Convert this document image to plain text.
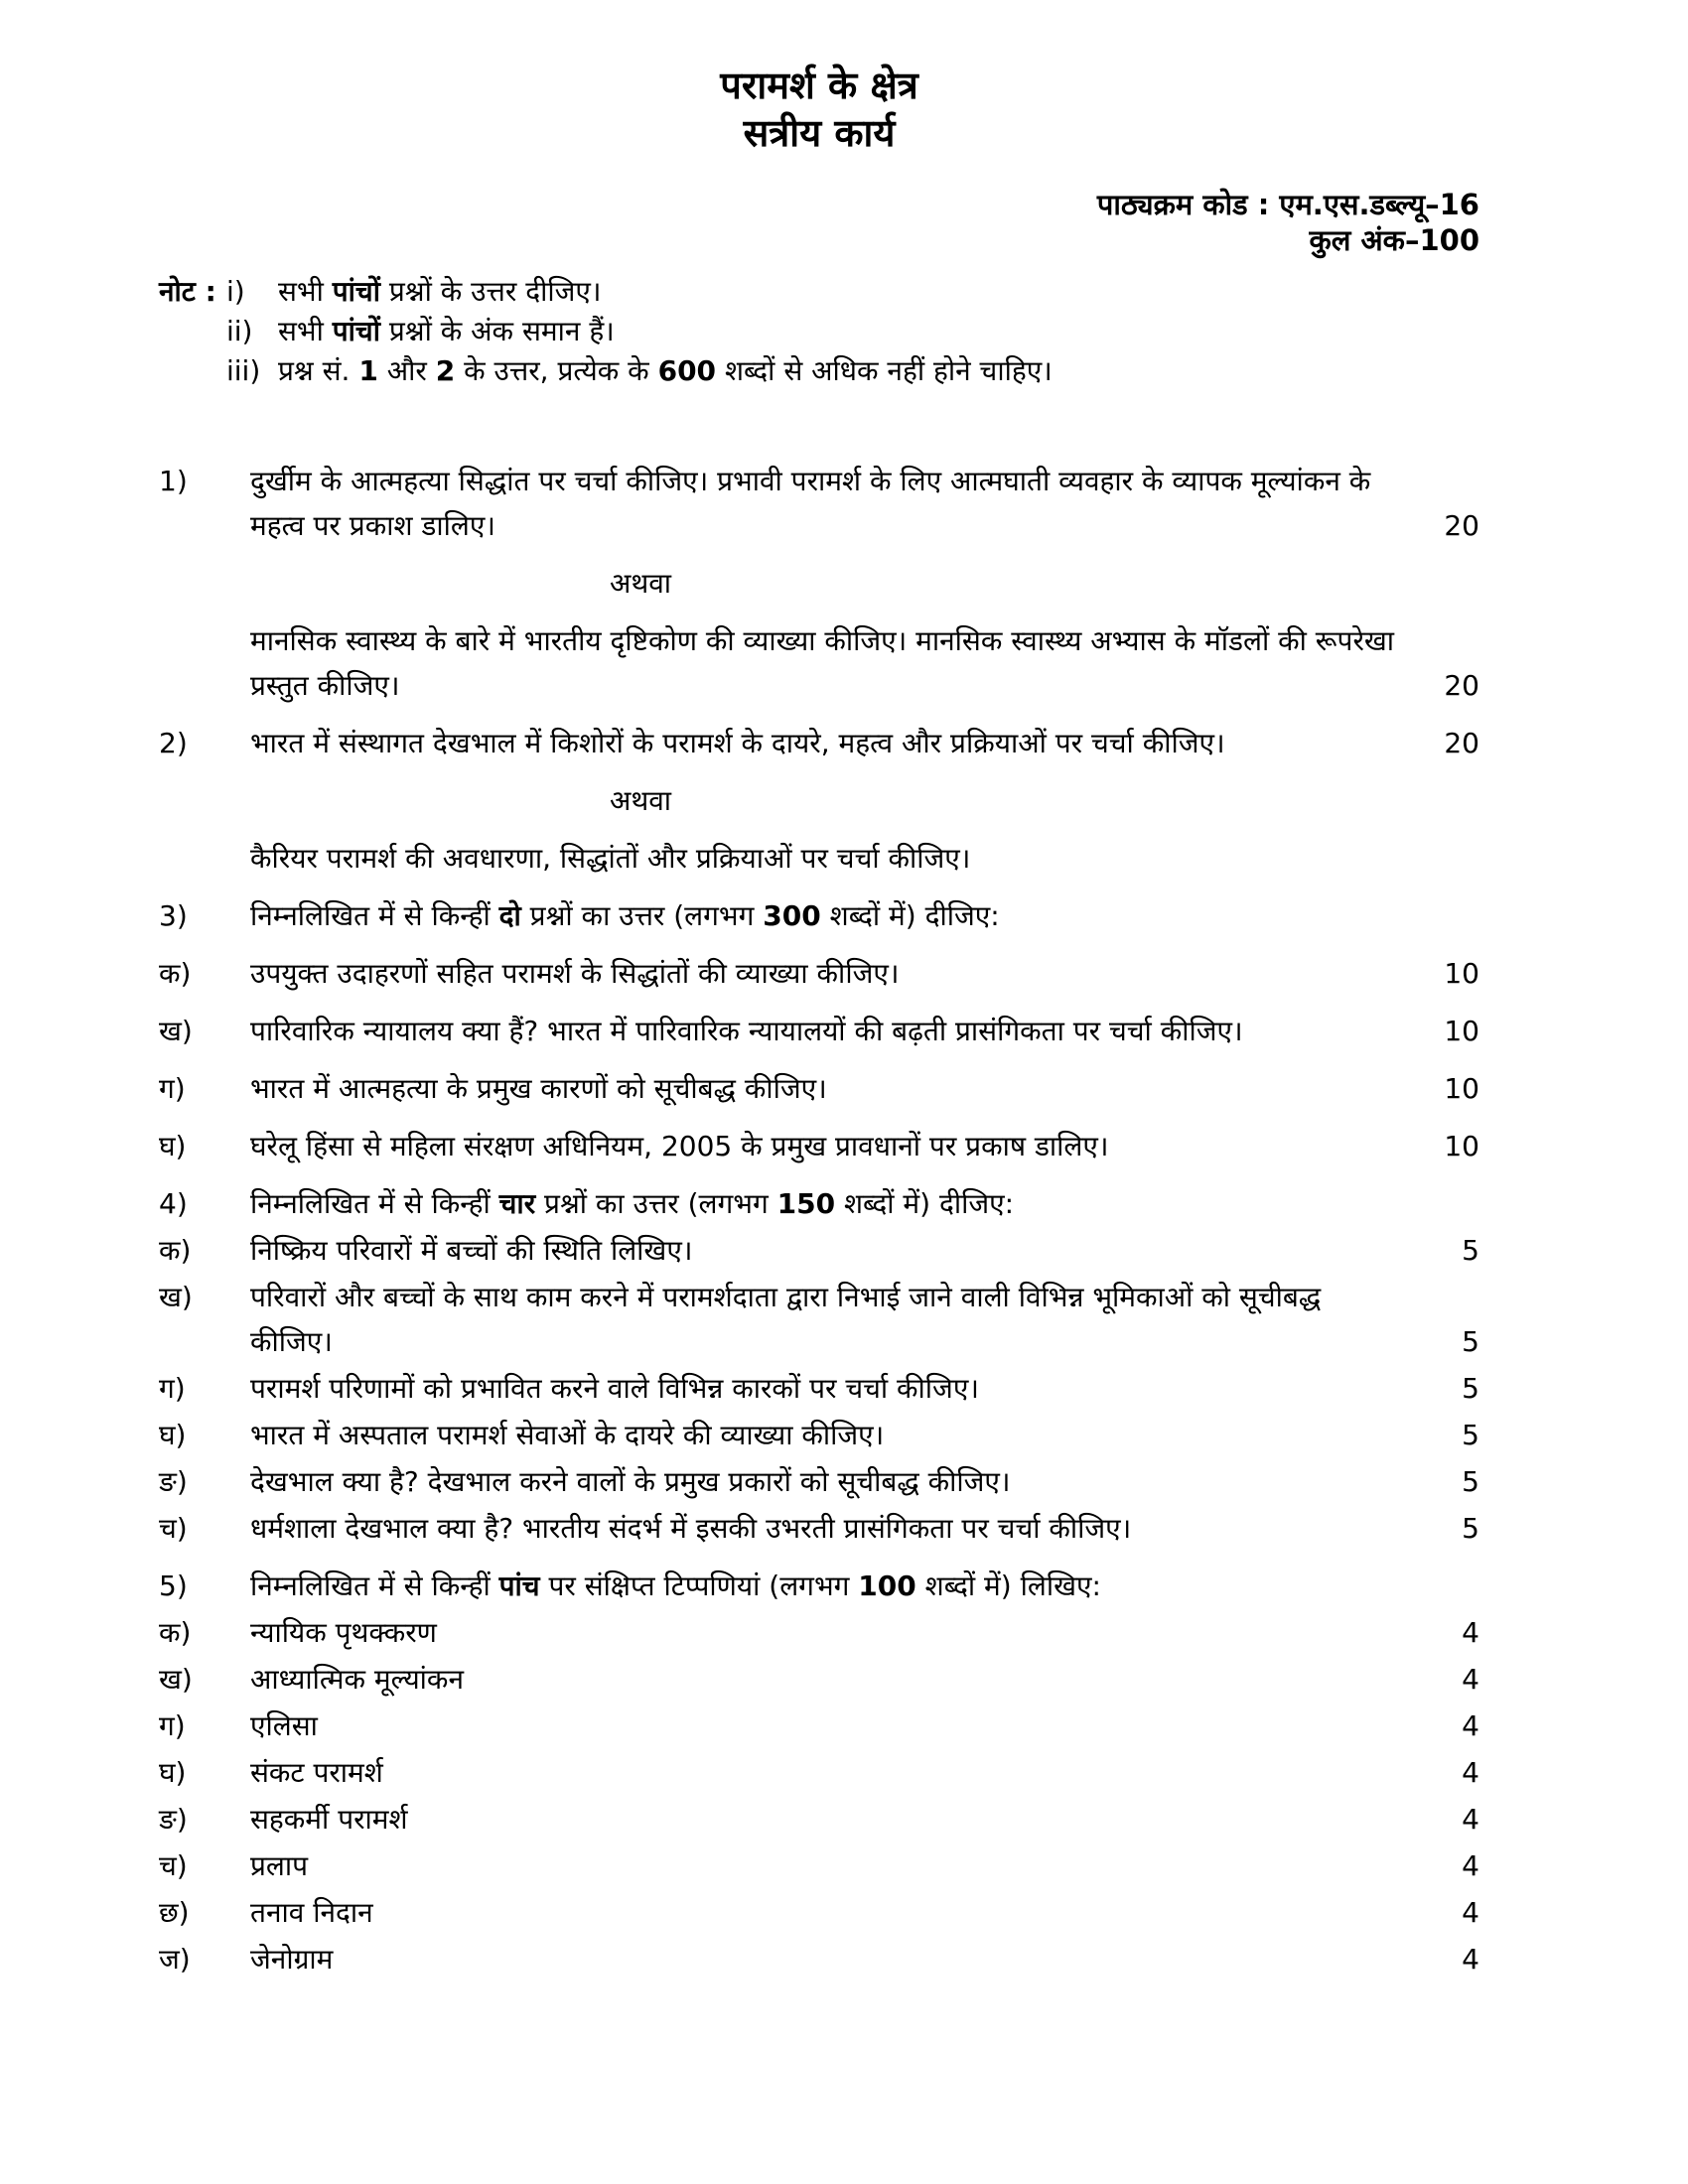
परामर्श के क्षेत्र
सत्रीय कार्य
पाठ्यक्रम कोड : एम.एस.डब्ल्यू–16
कुल अंक–100
नोट : i)	सभी पांचों प्रश्नों के उत्तर दीजिए।
ii) सभी पांचों प्रश्नों के अंक समान हैं।
iii) प्रश्न सं. 1 और 2 के उत्तर, प्रत्येक के 600 शब्दों से अधिक नहीं होने चाहिए।
1)	दुर्खीम के आत्महत्या सिद्धांत पर चर्चा कीजिए। प्रभावी परामर्श के लिए आत्मघाती व्यवहार के व्यापक मूल्यांकन के महत्व पर प्रकाश डालिए।	20
अथवा
मानसिक स्वास्थ्य के बारे में भारतीय दृष्टिकोण की व्याख्या कीजिए। मानसिक स्वास्थ्य अभ्यास के मॉडलों की रूपरेखा प्रस्तुत कीजिए।	20
2)	भारत में संस्थागत देखभाल में किशोरों के परामर्श के दायरे, महत्व और प्रक्रियाओं पर चर्चा कीजिए।	20
अथवा
कैरियर परामर्श की अवधारणा, सिद्धांतों और प्रक्रियाओं पर चर्चा कीजिए।
3)	निम्नलिखित में से किन्हीं दो प्रश्नों का उत्तर (लगभग 300 शब्दों में) दीजिए:
क)	उपयुक्त उदाहरणों सहित परामर्श के सिद्धांतों की व्याख्या कीजिए।	10
ख)	पारिवारिक न्यायालय क्या हैं? भारत में पारिवारिक न्यायालयों की बढ़ती प्रासंगिकता पर चर्चा कीजिए।	10
ग)	भारत में आत्महत्या के प्रमुख कारणों को सूचीबद्ध कीजिए।	10
घ)	घरेलू हिंसा से महिला संरक्षण अधिनियम, 2005 के प्रमुख प्रावधानों पर प्रकाष डालिए।	10
4)	निम्नलिखित में से किन्हीं चार प्रश्नों का उत्तर (लगभग 150 शब्दों में) दीजिए:
क)	निष्क्रिय परिवारों में बच्चों की स्थिति लिखिए।	5
ख)	परिवारों और बच्चों के साथ काम करने में परामर्शदाता द्वारा निभाई जाने वाली विभिन्न भूमिकाओं को सूचीबद्ध कीजिए।	5
ग)	परामर्श परिणामों को प्रभावित करने वाले विभिन्न कारकों पर चर्चा कीजिए।	5
घ)	भारत में अस्पताल परामर्श सेवाओं के दायरे की व्याख्या कीजिए।	5
ङ)	देखभाल क्या है? देखभाल करने वालों के प्रमुख प्रकारों को सूचीबद्ध कीजिए।	5
च)	धर्मशाला देखभाल क्या है? भारतीय संदर्भ में इसकी उभरती प्रासंगिकता पर चर्चा कीजिए।	5
5)	निम्नलिखित में से किन्हीं पांच पर संक्षिप्त टिप्पणियां (लगभग 100 शब्दों में) लिखिए:
क)	न्यायिक पृथक्करण	4
ख)	आध्यात्मिक मूल्यांकन	4
ग)	एलिसा	4
घ)	संकट परामर्श	4
ङ)	सहकर्मी परामर्श	4
च)	प्रलाप	4
छ)	तनाव निदान	4
ज)	जेनोग्राम	4
